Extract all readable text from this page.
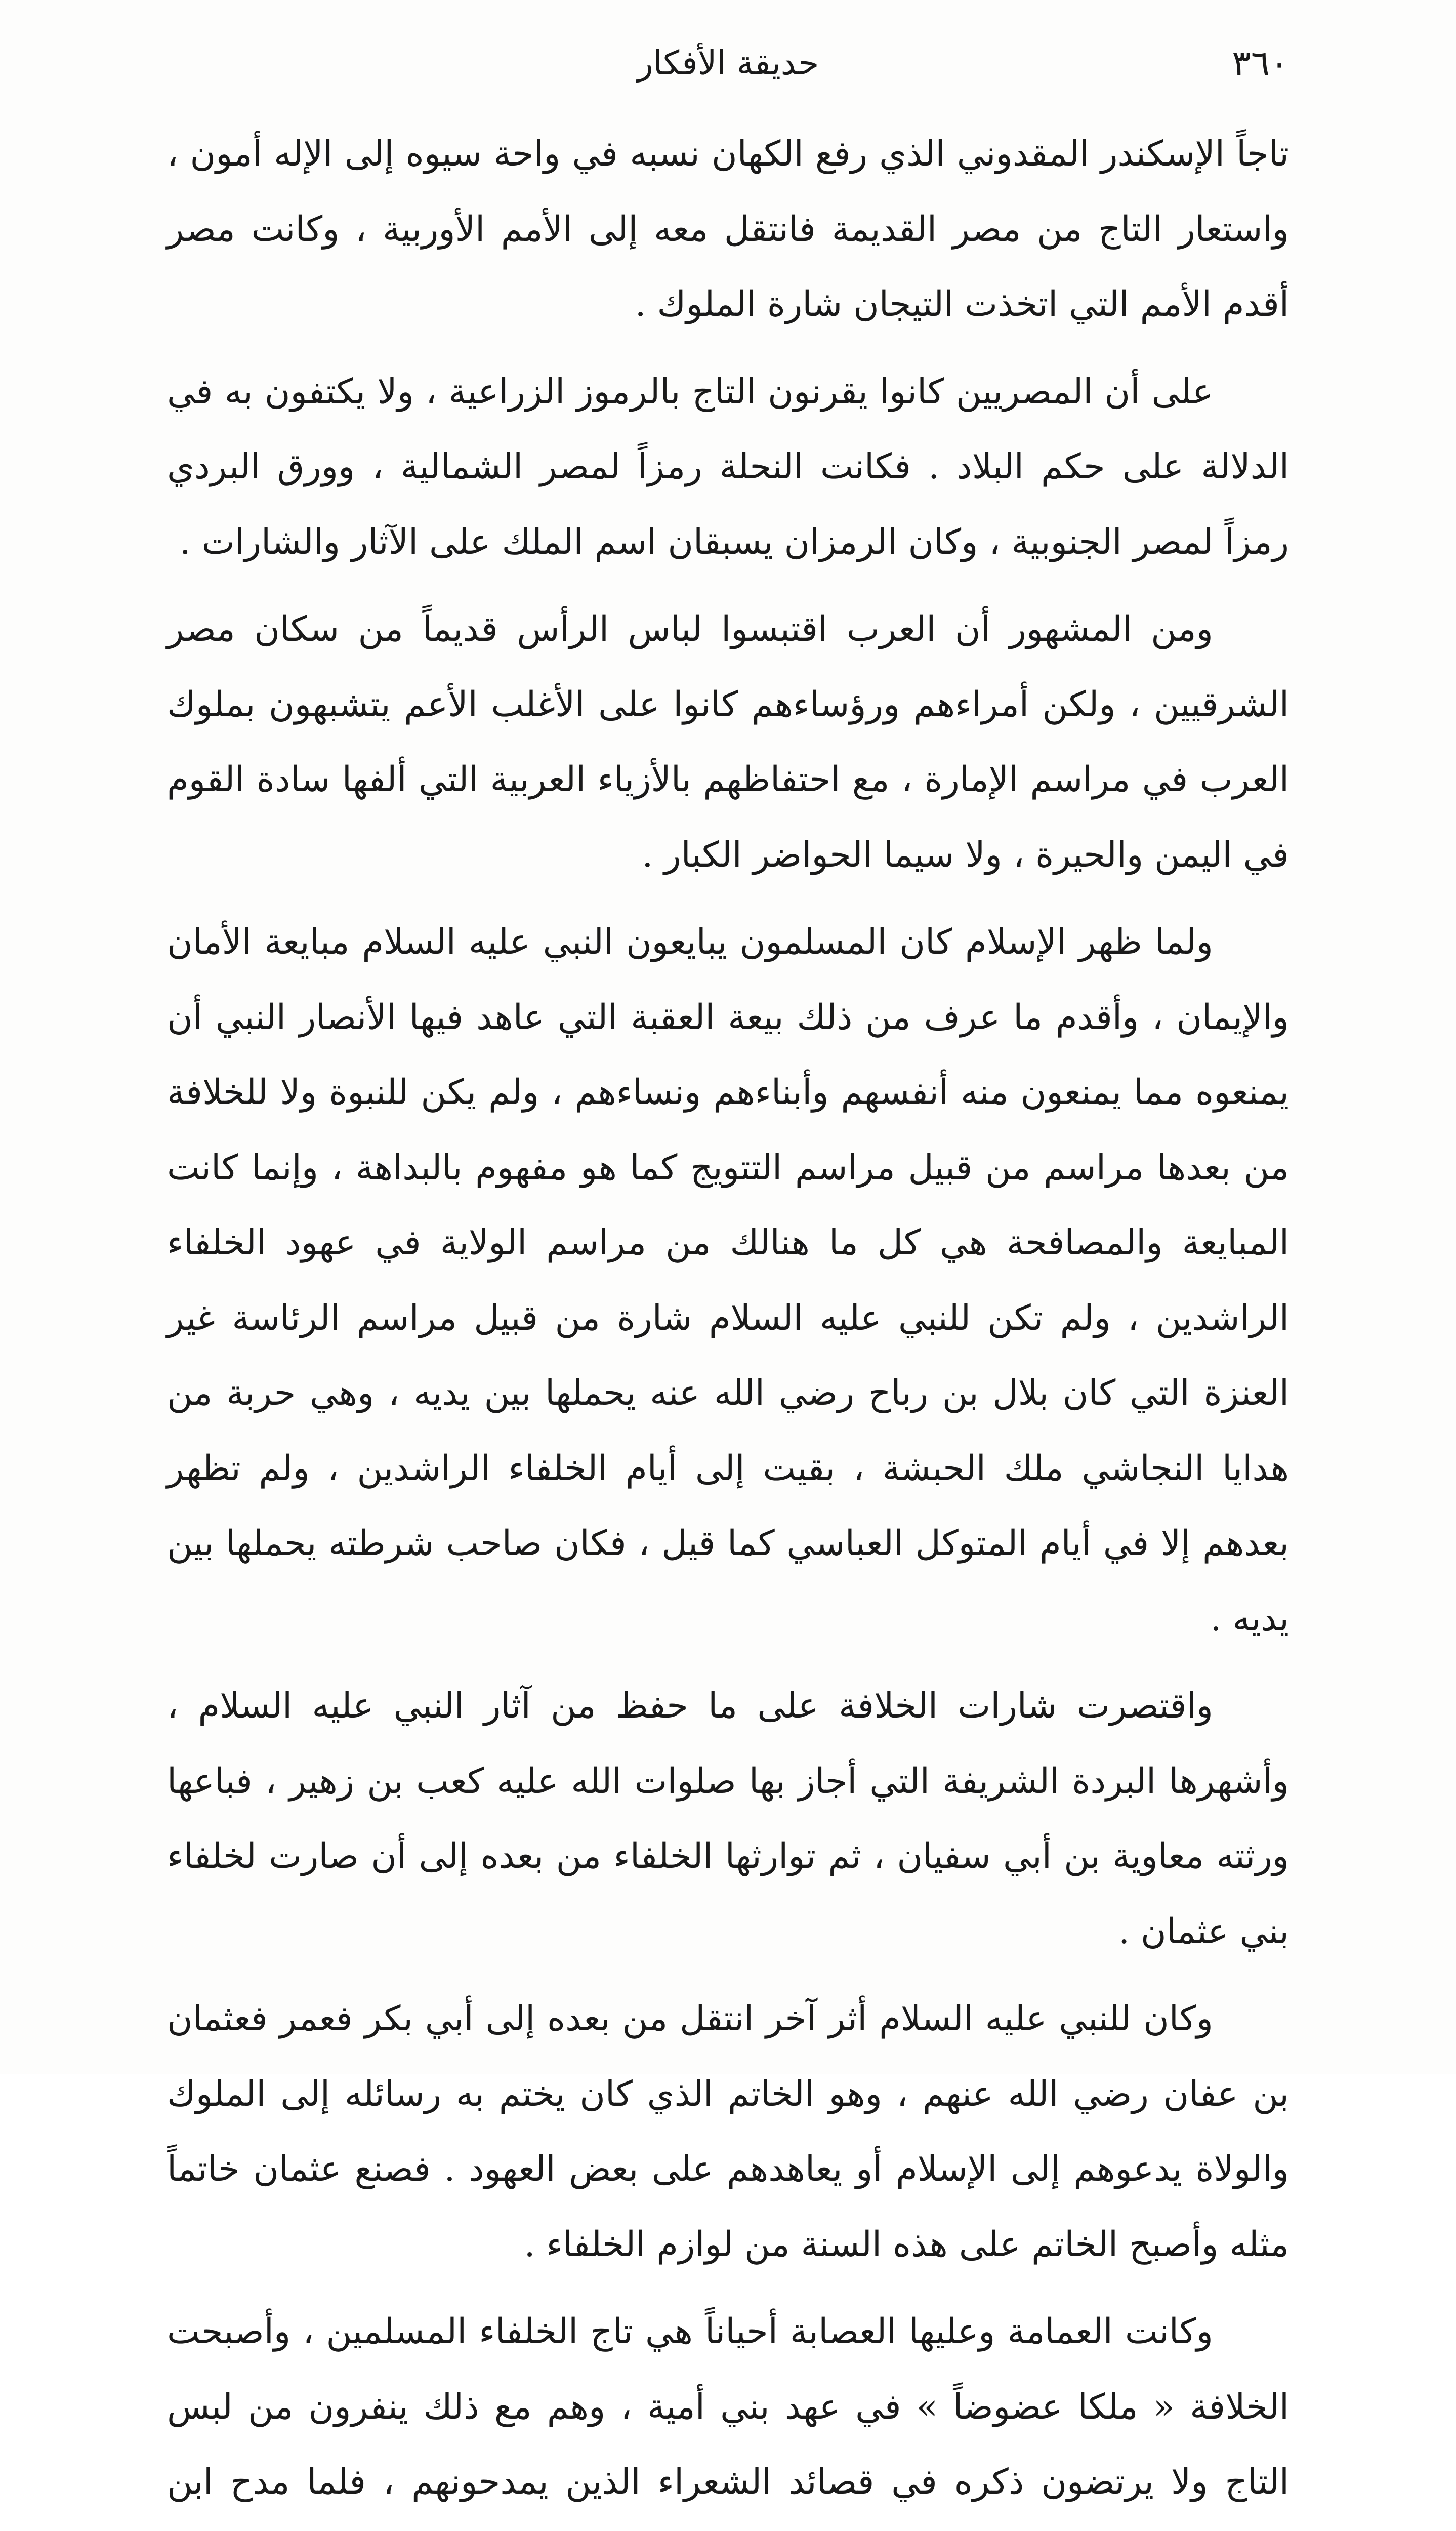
٣٦٠
حديقة الأفكار

تاجاً الإسكندر المقدوني الذي رفع الكهان نسبه في واحة سيوه إلى الإله أمون ، واستعار التاج من مصر القديمة فانتقل معه إلى الأمم الأوربية ، وكانت مصر أقدم الأمم التي اتخذت التيجان شارة الملوك .

على أن المصريين كانوا يقرنون التاج بالرموز الزراعية ، ولا يكتفون به في الدلالة على حكم البلاد . فكانت النحلة رمزاً لمصر الشمالية ، وورق البردي رمزاً لمصر الجنوبية ، وكان الرمزان يسبقان اسم الملك على الآثار والشارات .

ومن المشهور أن العرب اقتبسوا لباس الرأس قديماً من سكان مصر الشرقيين ، ولكن أمراءهم ورؤساءهم كانوا على الأغلب الأعم يتشبهون بملوك العرب في مراسم الإمارة ، مع احتفاظهم بالأزياء العربية التي ألفها سادة القوم في اليمن والحيرة ، ولا سيما الحواضر الكبار .

ولما ظهر الإسلام كان المسلمون يبايعون النبي عليه السلام مبايعة الأمان والإيمان ، وأقدم ما عرف من ذلك بيعة العقبة التي عاهد فيها الأنصار النبي أن يمنعوه مما يمنعون منه أنفسهم وأبناءهم ونساءهم ، ولم يكن للنبوة ولا للخلافة من بعدها مراسم من قبيل مراسم التتويج كما هو مفهوم بالبداهة ، وإنما كانت المبايعة والمصافحة هي كل ما هنالك من مراسم الولاية في عهود الخلفاء الراشدين ، ولم تكن للنبي عليه السلام شارة من قبيل مراسم الرئاسة غير العنزة التي كان بلال بن رباح رضي الله عنه يحملها بين يديه ، وهي حربة من هدايا النجاشي ملك الحبشة ، بقيت إلى أيام الخلفاء الراشدين ، ولم تظهر بعدهم إلا في أيام المتوكل العباسي كما قيل ، فكان صاحب شرطته يحملها بين يديه .

واقتصرت شارات الخلافة على ما حفظ من آثار النبي عليه السلام ، وأشهرها البردة الشريفة التي أجاز بها صلوات الله عليه كعب بن زهير ، فباعها ورثته معاوية بن أبي سفيان ، ثم توارثها الخلفاء من بعده إلى أن صارت لخلفاء بني عثمان .

وكان للنبي عليه السلام أثر آخر انتقل من بعده إلى أبي بكر فعمر فعثمان بن عفان رضي الله عنهم ، وهو الخاتم الذي كان يختم به رسائله إلى الملوك والولاة يدعوهم إلى الإسلام أو يعاهدهم على بعض العهود . فصنع عثمان خاتماً مثله وأصبح الخاتم على هذه السنة من لوازم الخلفاء .

وكانت العمامة وعليها العصابة أحياناً هي تاج الخلفاء المسلمين ، وأصبحت الخلافة « ملكا عضوضاً » في عهد بني أمية ، وهم مع ذلك ينفرون من لبس التاج ولا يرتضون ذكره في قصائد الشعراء الذين يمدحونهم ، فلما مدح ابن
